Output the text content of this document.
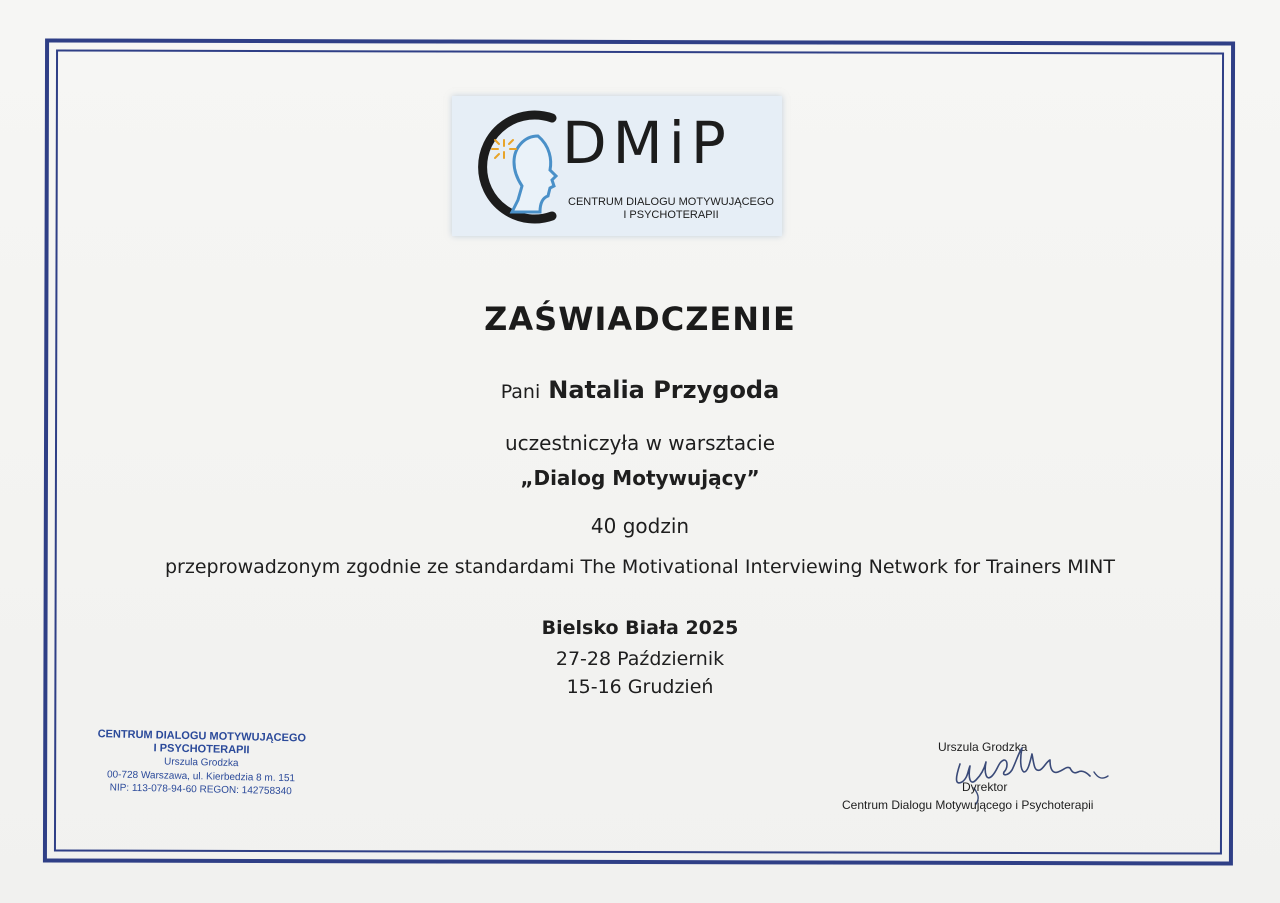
DMiP
CENTRUM DIALOGU MOTYWUJĄCEGO
I PSYCHOTERAPII
ZAŚWIADCZENIE
Pani Natalia Przygoda
uczestniczyła w warsztacie
„Dialog Motywujący”
40 godzin
przeprowadzonym zgodnie ze standardami The Motivational Interviewing Network for Trainers MINT
Bielsko Biała 2025
27-28 Październik
15-16 Grudzień
CENTRUM DIALOGU MOTYWUJĄCEGO
I PSYCHOTERAPII
Urszula Grodzka
00-728 Warszawa, ul. Kierbedzia 8 m. 151
NIP: 113-078-94-60 REGON: 142758340
Urszula Grodzka
Dyrektor
Centrum Dialogu Motywującego i Psychoterapii
